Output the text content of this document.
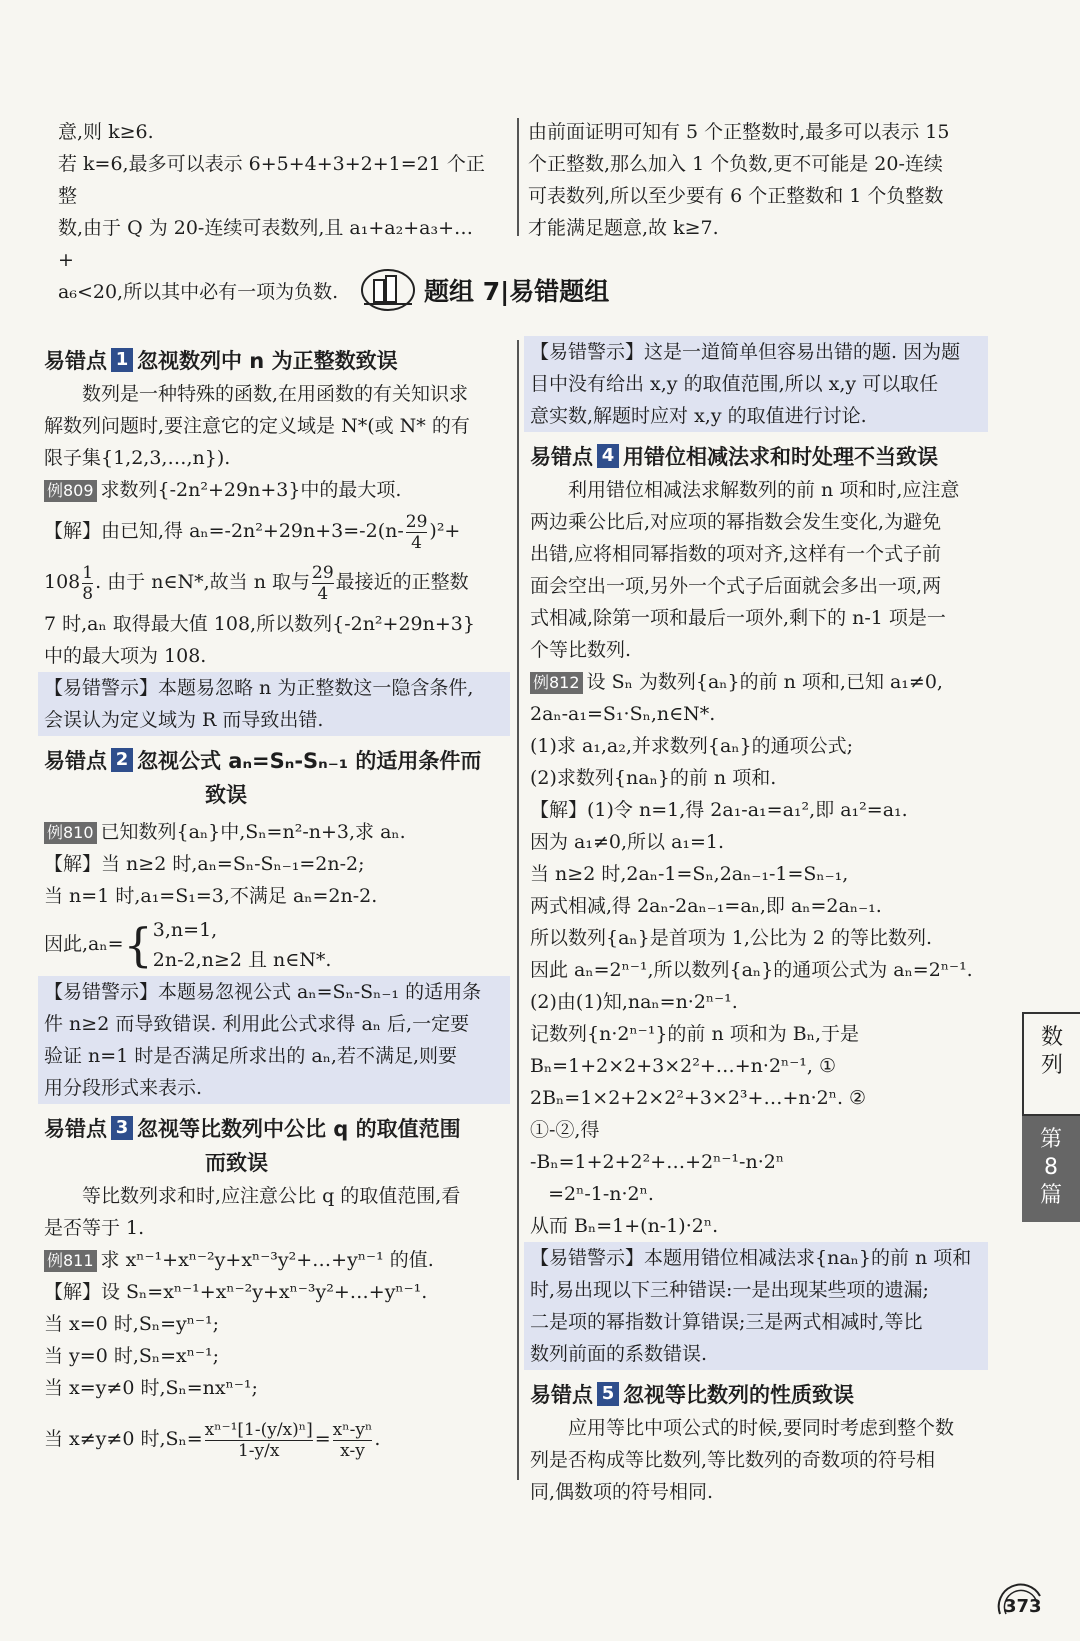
意,则 k≥6.

若 k=6,最多可以表示 6+5+4+3+2+1=21 个正整

数,由于 Q 为 20-连续可表数列,且 a₁+a₂+a₃+…+

a₆<20,所以其中必有一项为负数.

由前面证明可知有 5 个正整数时,最多可以表示 15

个正整数,那么加入 1 个负数,更不可能是 20-连续

可表数列,所以至少要有 6 个正整数和 1 个负整数

才能满足题意,故 k≥7.

题组 7|易错题组
易错点 1 忽视数列中 n 为正整数致误

数列是一种特殊的函数,在用函数的有关知识求

解数列问题时,要注意它的定义域是 N*(或 N* 的有

限子集{1,2,3,…,n}).

例809 求数列{-2n²+29n+3}中的最大项.

【解】由已知,得 $a_n=-2n^2+29n+3=-2(n- \frac{29}{4} )^2+$

$108 \frac{1}{8}$ . 由于 n∈N*,故当 n 取与 $\frac{29}{4}$ 最接近的正整数

7 时,aₙ 取得最大值 108,所以数列{-2n²+29n+3}

中的最大项为 108.

【易错警示】本题易忽略 n 为正整数这一隐含条件,

会误认为定义域为 R 而导致出错.

易错点 2 忽视公式 aₙ=Sₙ-Sₙ₋₁ 的适用条件而
致误

例810 已知数列{aₙ}中,Sₙ=n²-n+3,求 aₙ.

【解】当 n≥2 时,aₙ=Sₙ-Sₙ₋₁=2n-2;

当 n=1 时,a₁=S₁=3,不满足 aₙ=2n-2.

因此,aₙ={3,n=1,
2n-2,n≥2 且 n∈N*.

【易错警示】本题易忽视公式 aₙ=Sₙ-Sₙ₋₁ 的适用条

件 n≥2 而导致错误. 利用此公式求得 aₙ 后,一定要

验证 n=1 时是否满足所求出的 aₙ,若不满足,则要

用分段形式来表示.

易错点 3 忽视等比数列中公比 q 的取值范围
而致误

等比数列求和时,应注意公比 q 的取值范围,看

是否等于 1.

例811 求 xⁿ⁻¹+xⁿ⁻²y+xⁿ⁻³y²+…+yⁿ⁻¹ 的值.

【解】设 Sₙ=xⁿ⁻¹+xⁿ⁻²y+xⁿ⁻³y²+…+yⁿ⁻¹.

当 x=0 时,Sₙ=yⁿ⁻¹;

当 y=0 时,Sₙ=xⁿ⁻¹;

当 x=y≠0 时,Sₙ=nxⁿ⁻¹;

当 x≠y≠0 时$,S_n= \frac{\text{xⁿ⁻¹[1-(y/x)ⁿ]}}{1-y/x} = \frac{\text{xⁿ-yⁿ}}{x-y}$ .

【易错警示】这是一道简单但容易出错的题. 因为题

目中没有给出 x,y 的取值范围,所以 x,y 可以取任

意实数,解题时应对 x,y 的取值进行讨论.

易错点 4 用错位相减法求和时处理不当致误

利用错位相减法求解数列的前 n 项和时,应注意

两边乘公比后,对应项的幂指数会发生变化,为避免

出错,应将相同幂指数的项对齐,这样有一个式子前

面会空出一项,另外一个式子后面就会多出一项,两

式相减,除第一项和最后一项外,剩下的 n-1 项是一

个等比数列.

例812 设 Sₙ 为数列{aₙ}的前 n 项和,已知 a₁≠0,

2aₙ-a₁=S₁·Sₙ,n∈N*.

(1)求 a₁,a₂,并求数列{aₙ}的通项公式;

(2)求数列{naₙ}的前 n 项和.

【解】(1)令 n=1,得 2a₁-a₁=a₁²,即 a₁²=a₁.

因为 a₁≠0,所以 a₁=1.

当 n≥2 时,2aₙ-1=Sₙ,2aₙ₋₁-1=Sₙ₋₁,

两式相减,得 2aₙ-2aₙ₋₁=aₙ,即 aₙ=2aₙ₋₁.

所以数列{aₙ}是首项为 1,公比为 2 的等比数列.

因此 aₙ=2ⁿ⁻¹,所以数列{aₙ}的通项公式为 aₙ=2ⁿ⁻¹.

(2)由(1)知,naₙ=n·2ⁿ⁻¹.

记数列{n·2ⁿ⁻¹}的前 n 项和为 Bₙ,于是

Bₙ=1+2×2+3×2²+…+n·2ⁿ⁻¹, ①

2Bₙ=1×2+2×2²+3×2³+…+n·2ⁿ. ②

①-②,得

-Bₙ=1+2+2²+…+2ⁿ⁻¹-n·2ⁿ

=2ⁿ-1-n·2ⁿ.

从而 Bₙ=1+(n-1)·2ⁿ.

【易错警示】本题用错位相减法求{naₙ}的前 n 项和

时,易出现以下三种错误:一是出现某些项的遗漏;

二是项的幂指数计算错误;三是两式相减时,等比

数列前面的系数错误.

易错点 5 忽视等比数列的性质致误

应用等比中项公式的时候,要同时考虑到整个数

列是否构成等比数列,等比数列的奇数项的符号相

同,偶数项的符号相同.

数
列
第
8
篇
373
